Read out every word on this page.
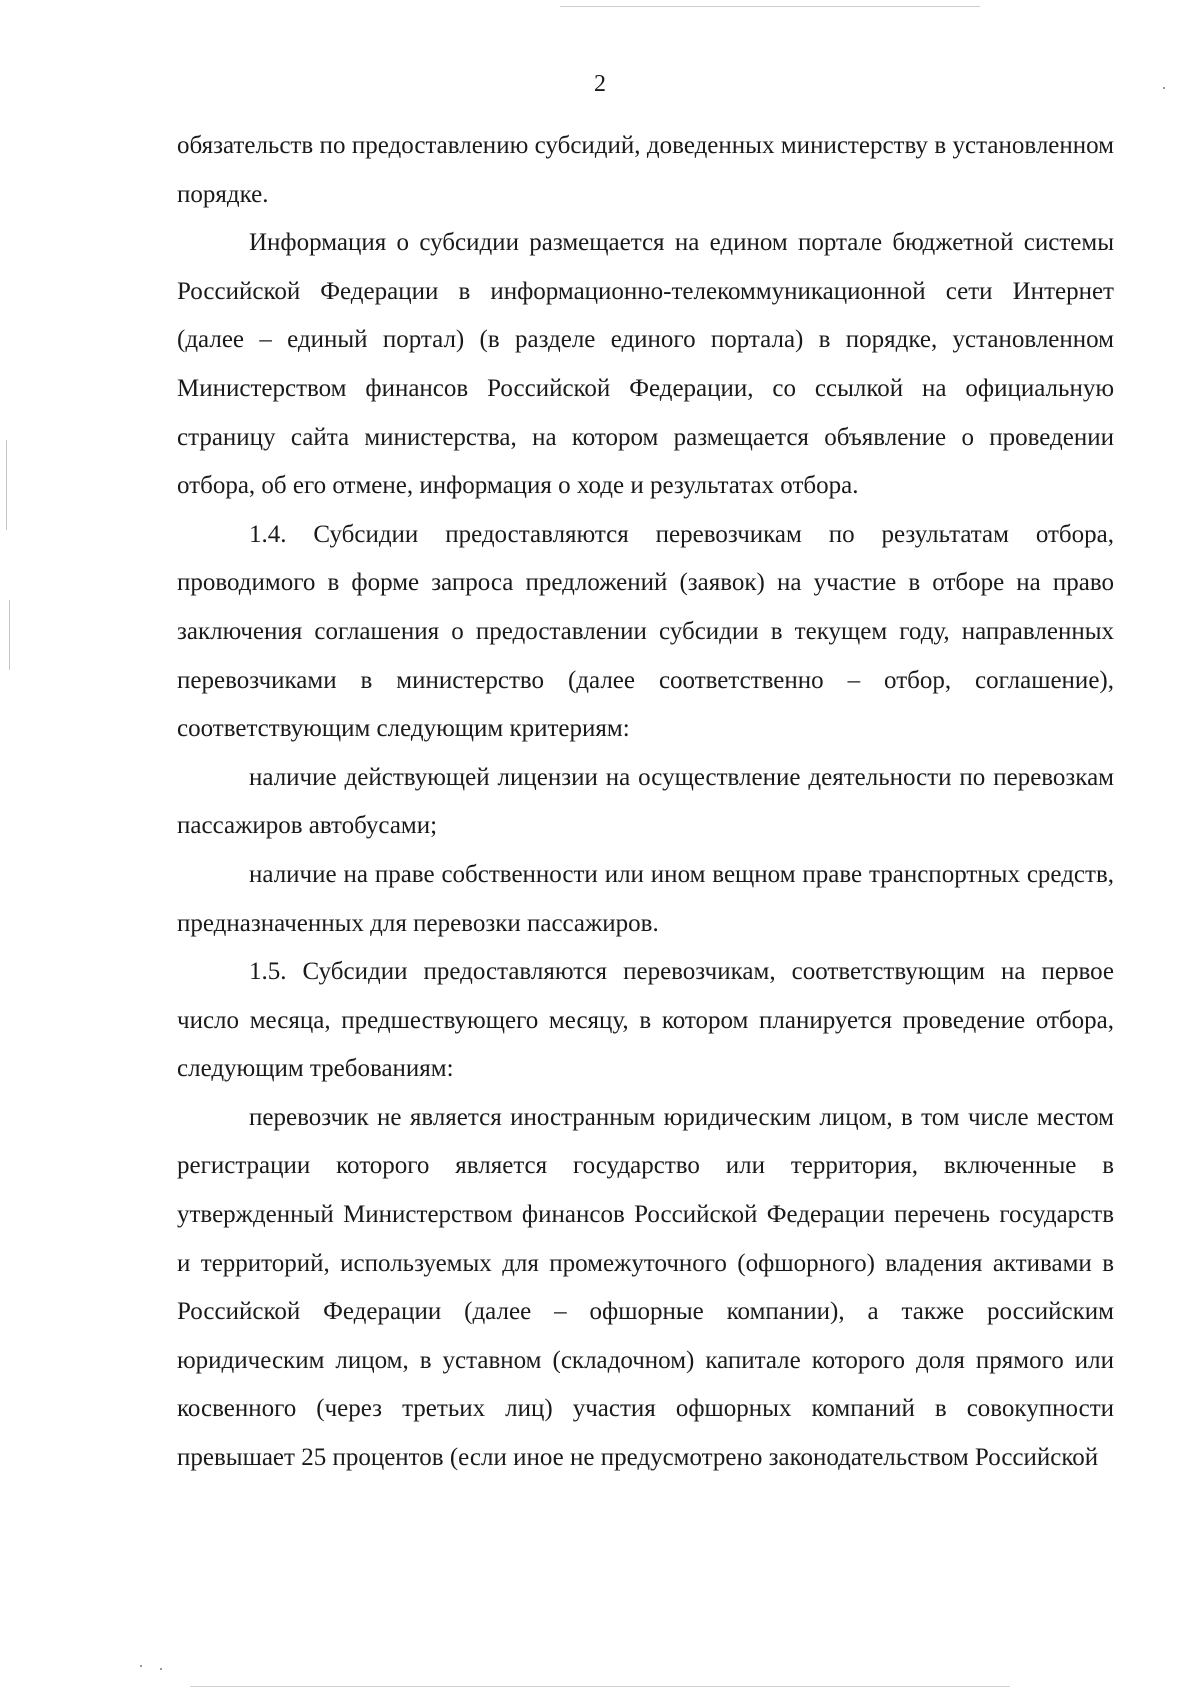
2

обязательств по предоставлению субсидий, доведенных министерству в установленном порядке.

Информация о субсидии размещается на едином портале бюджетной системы Российской Федерации в информационно-телекоммуникационной сети Интернет (далее – единый портал) (в разделе единого портала) в порядке, установленном Министерством финансов Российской Федерации, со ссылкой на официальную страницу сайта министерства, на котором размещается объявление о проведении отбора, об его отмене, информация о ходе и результатах отбора.

1.4. Субсидии предоставляются перевозчикам по результатам отбора, проводимого в форме запроса предложений (заявок) на участие в отборе на право заключения соглашения о предоставлении субсидии в текущем году, направленных перевозчиками в министерство (далее соответственно – отбор, соглашение), соответствующим следующим критериям:

наличие действующей лицензии на осуществление деятельности по перевозкам пассажиров автобусами;

наличие на праве собственности или ином вещном праве транспортных средств, предназначенных для перевозки пассажиров.

1.5. Субсидии предоставляются перевозчикам, соответствующим на первое число месяца, предшествующего месяцу, в котором планируется проведение отбора, следующим требованиям:

перевозчик не является иностранным юридическим лицом, в том числе местом регистрации которого является государство или территория, включенные в утвержденный Министерством финансов Российской Федерации перечень государств и территорий, используемых для промежуточного (офшорного) владения активами в Российской Федерации (далее – офшорные компании), а также российским юридическим лицом, в уставном (складочном) капитале которого доля прямого или косвенного (через третьих лиц) участия офшорных компаний в совокупности превышает 25 процентов (если иное не предусмотрено законодательством Российской
